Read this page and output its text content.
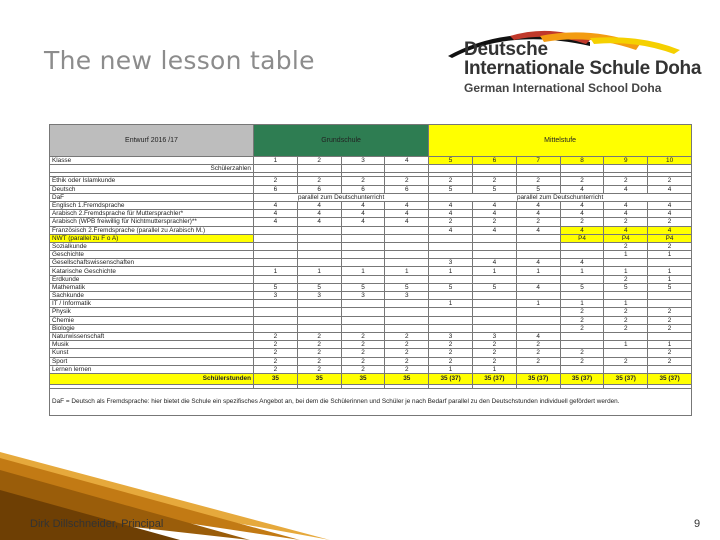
The new lesson table	Deutsche
Internationale Schule Doha
German International School Doha
Entwurf 2016 /17	Grundschule				Mittelstufe					
Klasse	1	2	3	4	5	6	7	8	9	10
Schülerzahlen										

Ethik oder Islamkunde	2	2	2	2	2	2	2	2	2	2
Deutsch	6	6	6	6	5	5	5	4	4	4
DaF	parallel zum Deutschunterricht				parallel zum Deutschunterricht					
Englisch 1.Fremdsprache	4	4	4	4	4	4	4	4	4	4
Arabisch 2.Fremdsprache für Muttersprachler*	4	4	4	4	4	4	4	4	4	4
Arabisch (WPB freiwillig für Nichtmuttersprachler)**	4	4	4	4	2	2	2	2	2	2
Französisch 2.Fremdsprache (parallel zu Arabisch M.)					4	4	4	4	4	4
NWT (parallel zu F o A)								P4	P4	P4
Sozialkunde									2	2
Geschichte									1	1
Gesellschaftswissenschaften					3	4	4	4		
Katarische Geschichte	1	1	1	1	1	1	1	1	1	1
Erdkunde									2	1
Mathematik	5	5	5	5	5	5	4	5	5	5
Sachkunde	3	3	3	3						
IT / Informatik					1		1	1	1	
Physik								2	2	2
Chemie								2	2	2
Biologie								2	2	2
Naturwissenschaft	2	2	2	2	3	3	4			
Musik	2	2	2	2	2	2	2		1	1
Kunst	2	2	2	2	2	2	2	2		2
Sport	2	2	2	2	2	2	2	2	2	2
Lernen lernen	2	2	2	2	1	1				
Schülerstunden	35	35	35	35	35 (37)	35 (37)	35 (37)	35 (37)	35 (37)	35 (37)

DaF = Deutsch als Fremdsprache: hier bietet die Schule ein spezifisches Angebot an, bei dem die Schülerinnen und Schüler je nach Bedarf parallel zu den Deutschstunden individuell gefördert werden.										
Dirk Dillschneider, Principal	9
